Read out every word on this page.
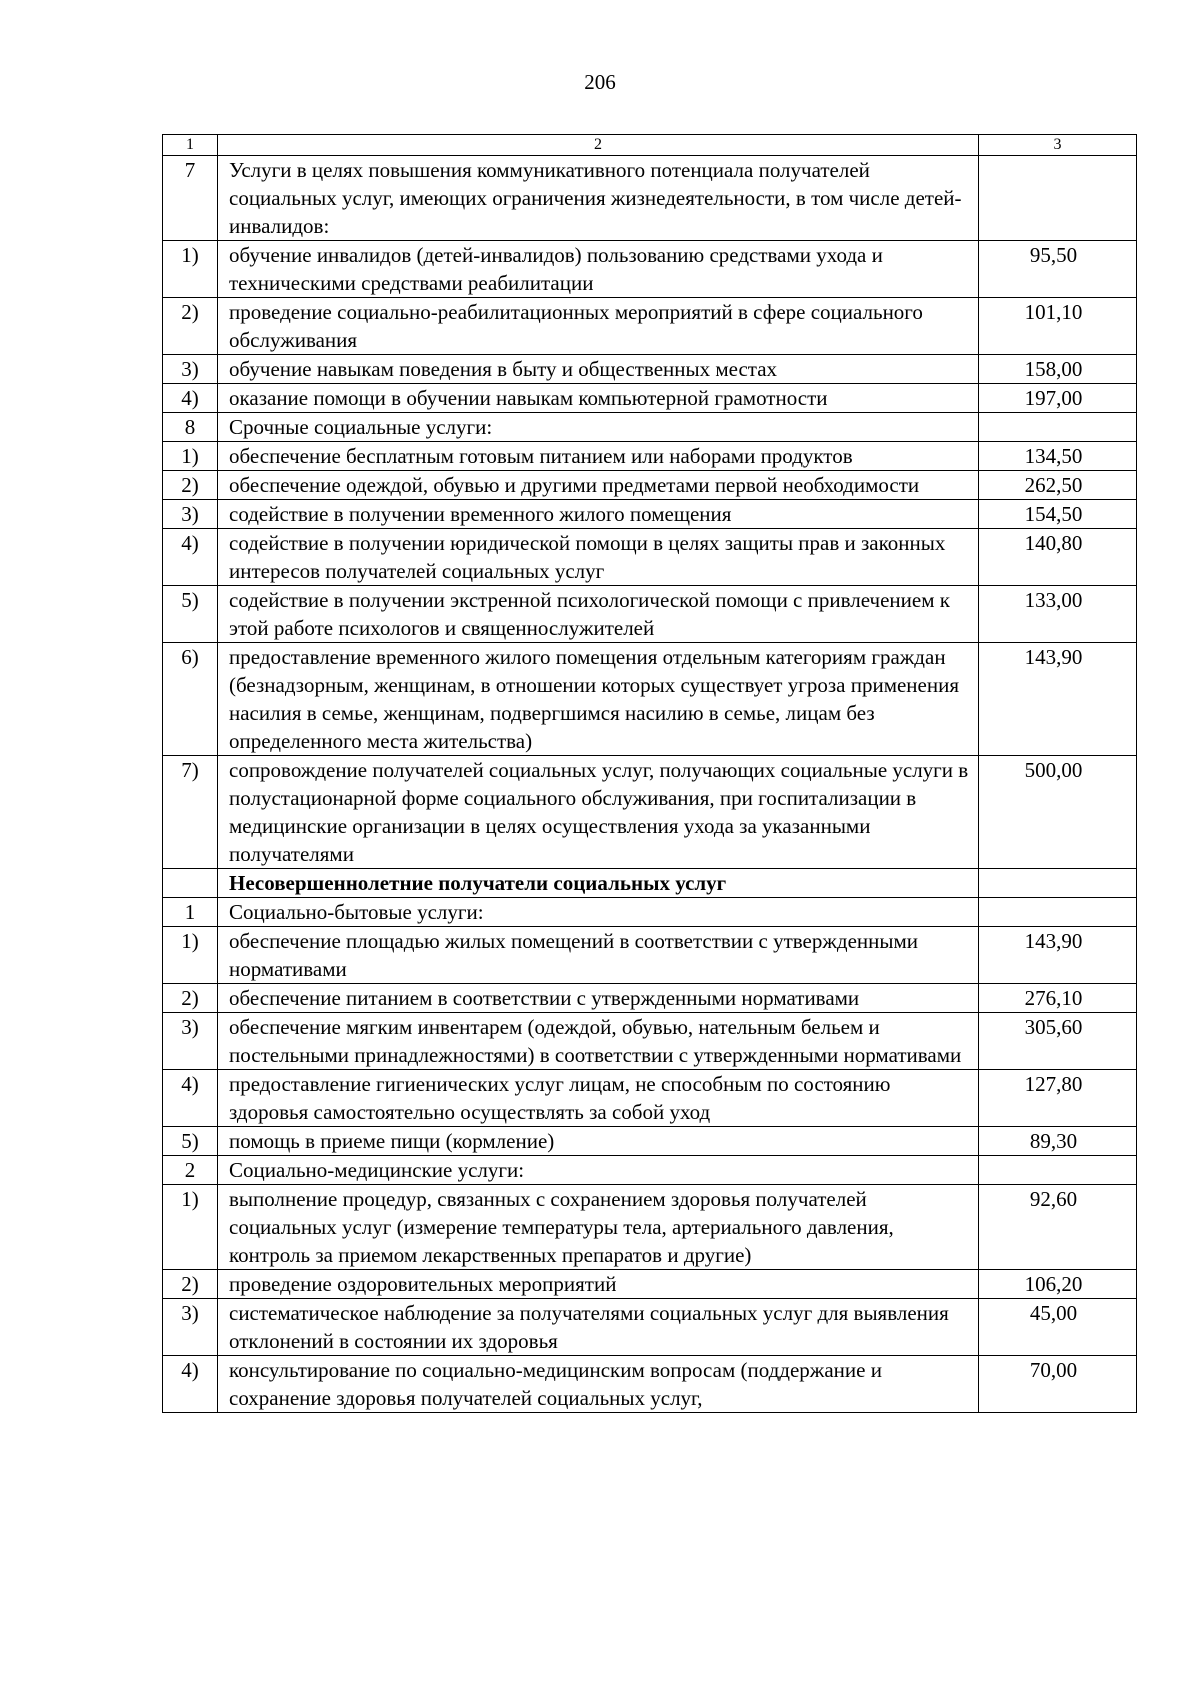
206
1	2	3
7	Услуги в целях повышения коммуникативного потенциала получателей социальных услуг, имеющих ограничения жизнедеятельности, в том числе детей-инвалидов:	
1)	обучение инвалидов (детей-инвалидов) пользованию средствами ухода и техническими средствами реабилитации	95,50
2)	проведение социально-реабилитационных мероприятий в сфере социального обслуживания	101,10
3)	обучение навыкам поведения в быту и общественных местах	158,00
4)	оказание помощи в обучении навыкам компьютерной грамотности	197,00
8	Срочные социальные услуги:	
1)	обеспечение бесплатным готовым питанием или наборами продуктов	134,50
2)	обеспечение одеждой, обувью и другими предметами первой необходимости	262,50
3)	содействие в получении временного жилого помещения	154,50
4)	содействие в получении юридической помощи в целях защиты прав и законных интересов получателей социальных услуг	140,80
5)	содействие в получении экстренной психологической помощи с привлечением к этой работе психологов и священнослужителей	133,00
6)	предоставление временного жилого помещения отдельным категориям граждан (безнадзорным, женщинам, в отношении которых существует угроза применения насилия в семье, женщинам, подвергшимся насилию в семье, лицам без определенного места жительства)	143,90
7)	сопровождение получателей социальных услуг, получающих социальные услуги в полустационарной форме социального обслуживания, при госпитализации в медицинские организации в целях осуществления ухода за указанными получателями	500,00
	Несовершеннолетние получатели социальных услуг	
1	Социально-бытовые услуги:	
1)	обеспечение площадью жилых помещений в соответствии с утвержденными нормативами	143,90
2)	обеспечение питанием в соответствии с утвержденными нормативами	276,10
3)	обеспечение мягким инвентарем (одеждой, обувью, нательным бельем и постельными принадлежностями) в соответствии с утвержденными нормативами	305,60
4)	предоставление гигиенических услуг лицам, не способным по состоянию здоровья самостоятельно осуществлять за собой уход	127,80
5)	помощь в приеме пищи (кормление)	89,30
2	Социально-медицинские услуги:	
1)	выполнение процедур, связанных с сохранением здоровья получателей социальных услуг (измерение температуры тела, артериального давления, контроль за приемом лекарственных препаратов и другие)	92,60
2)	проведение оздоровительных мероприятий	106,20
3)	систематическое наблюдение за получателями социальных услуг для выявления отклонений в состоянии их здоровья	45,00
4)	консультирование по социально-медицинским вопросам (поддержание и сохранение здоровья получателей социальных услуг,	70,00
